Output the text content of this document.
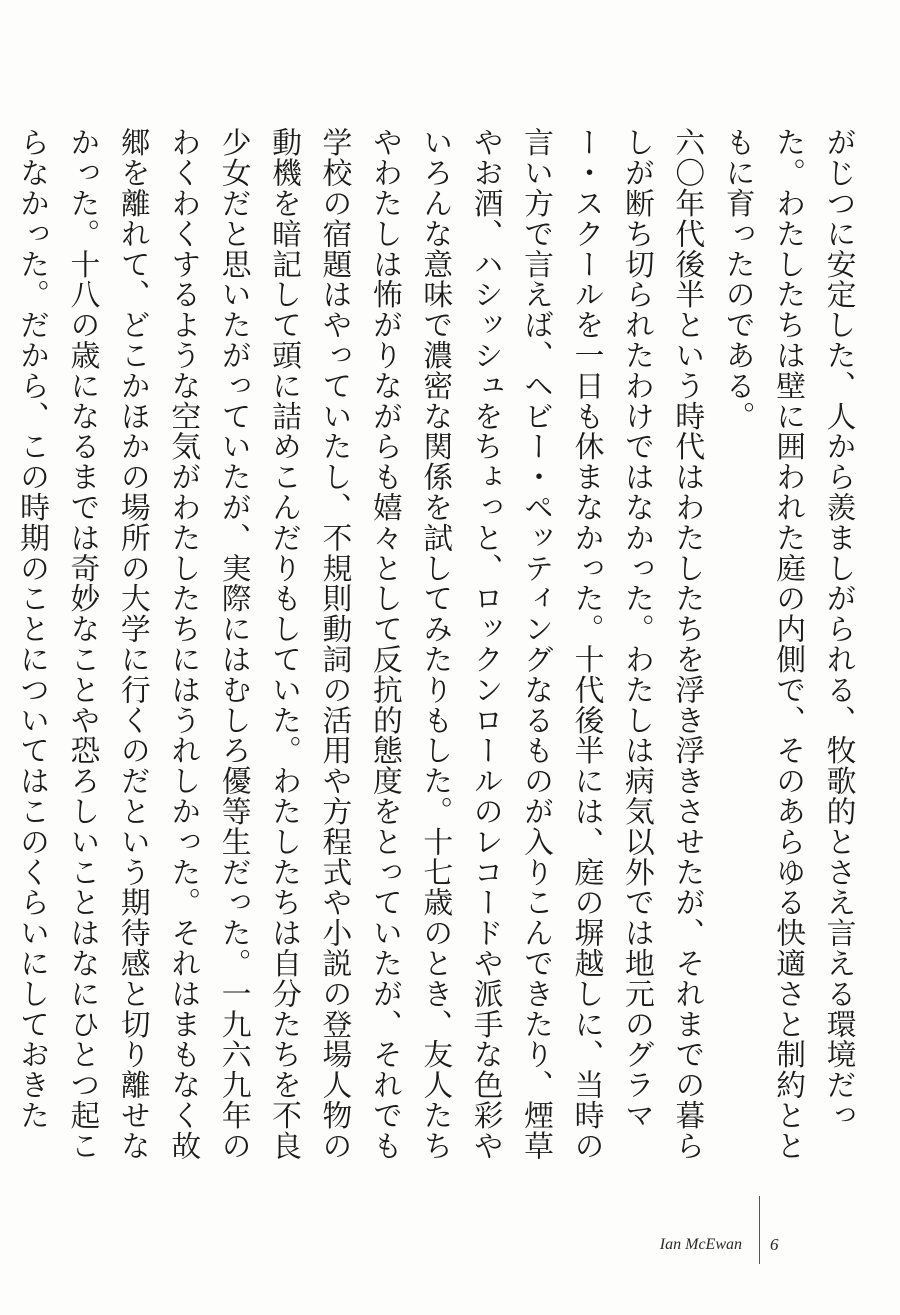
がじつに安定した、人から羨ましがられる、牧歌的とさえ言える環境だった。わたしたちは壁に囲われた庭の内側で、そのあらゆる快適さと制約とともに育ったのである。

六〇年代後半という時代はわたしたちを浮き浮きさせたが、それまでの暮らしが断ち切られたわけではなかった。わたしは病気以外では地元のグラマー・スクールを一日も休まなかった。十代後半には、庭の塀越しに、当時の言い方で言えば、ヘビー・ペッティングなるものが入りこんできたり、煙草やお酒、ハシッシュをちょっと、ロックンロールのレコードや派手な色彩やいろんな意味で濃密な関係を試してみたりもした。十七歳のとき、友人たちやわたしは怖がりながらも嬉々として反抗的態度をとっていたが、それでも学校の宿題はやっていたし、不規則動詞の活用や方程式や小説の登場人物の動機を暗記して頭に詰めこんだりもしていた。わたしたちは自分たちを不良少女だと思いたがっていたが、実際にはむしろ優等生だった。一九六九年のわくわくするような空気がわたしたちにはうれしかった。それはまもなく故郷を離れて、どこかほかの場所の大学に行くのだという期待感と切り離せなかった。十八の歳になるまでは奇妙なことや恐ろしいことはなにひとつ起こらなかった。だから、この時期のことについてはこのくらいにしておきた

Ian McEwan 6
